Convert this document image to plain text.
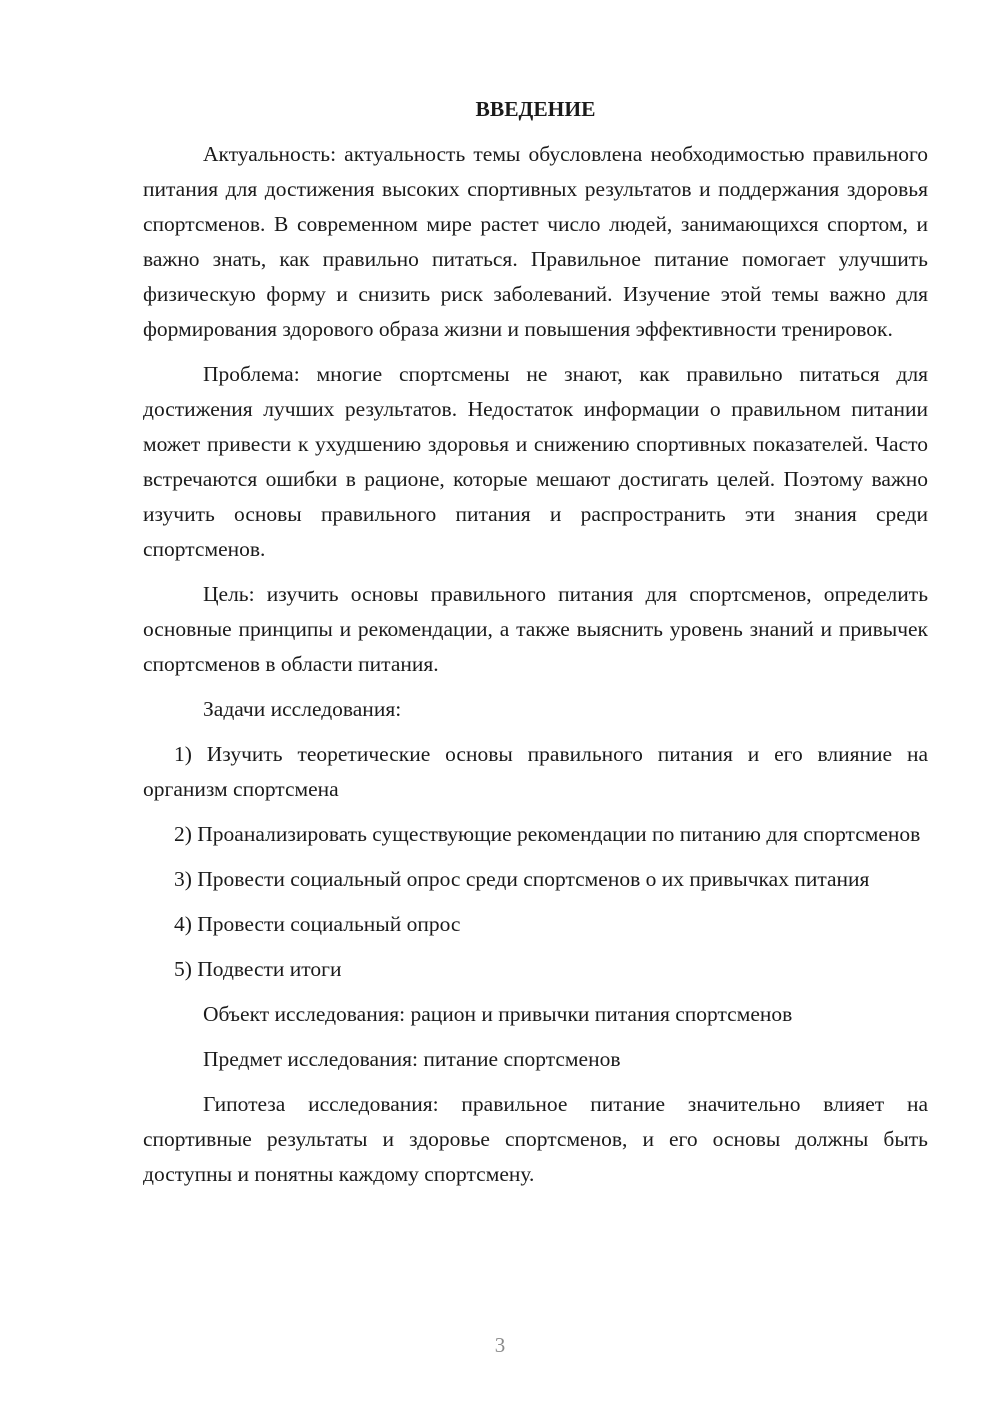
ВВЕДЕНИЕ

Актуальность: актуальность темы обусловлена необходимостью правильного питания для достижения высоких спортивных результатов и поддержания здоровья спортсменов. В современном мире растет число людей, занимающихся спортом, и важно знать, как правильно питаться. Правильное питание помогает улучшить физическую форму и снизить риск заболеваний. Изучение этой темы важно для формирования здорового образа жизни и повышения эффективности тренировок.

Проблема: многие спортсмены не знают, как правильно питаться для достижения лучших результатов. Недостаток информации о правильном питании может привести к ухудшению здоровья и снижению спортивных показателей. Часто встречаются ошибки в рационе, которые мешают достигать целей. Поэтому важно изучить основы правильного питания и распространить эти знания среди спортсменов.

Цель: изучить основы правильного питания для спортсменов, определить основные принципы и рекомендации, а также выяснить уровень знаний и привычек спортсменов в области питания.

Задачи исследования:

1) Изучить теоретические основы правильного питания и его влияние на организм спортсмена

2) Проанализировать существующие рекомендации по питанию для спортсменов

3) Провести социальный опрос среди спортсменов о их привычках питания

4) Провести социальный опрос

5) Подвести итоги

Объект исследования: рацион и привычки питания спортсменов

Предмет исследования: питание спортсменов

Гипотеза исследования: правильное питание значительно влияет на спортивные результаты и здоровье спортсменов, и его основы должны быть доступны и понятны каждому спортсмену.

3
